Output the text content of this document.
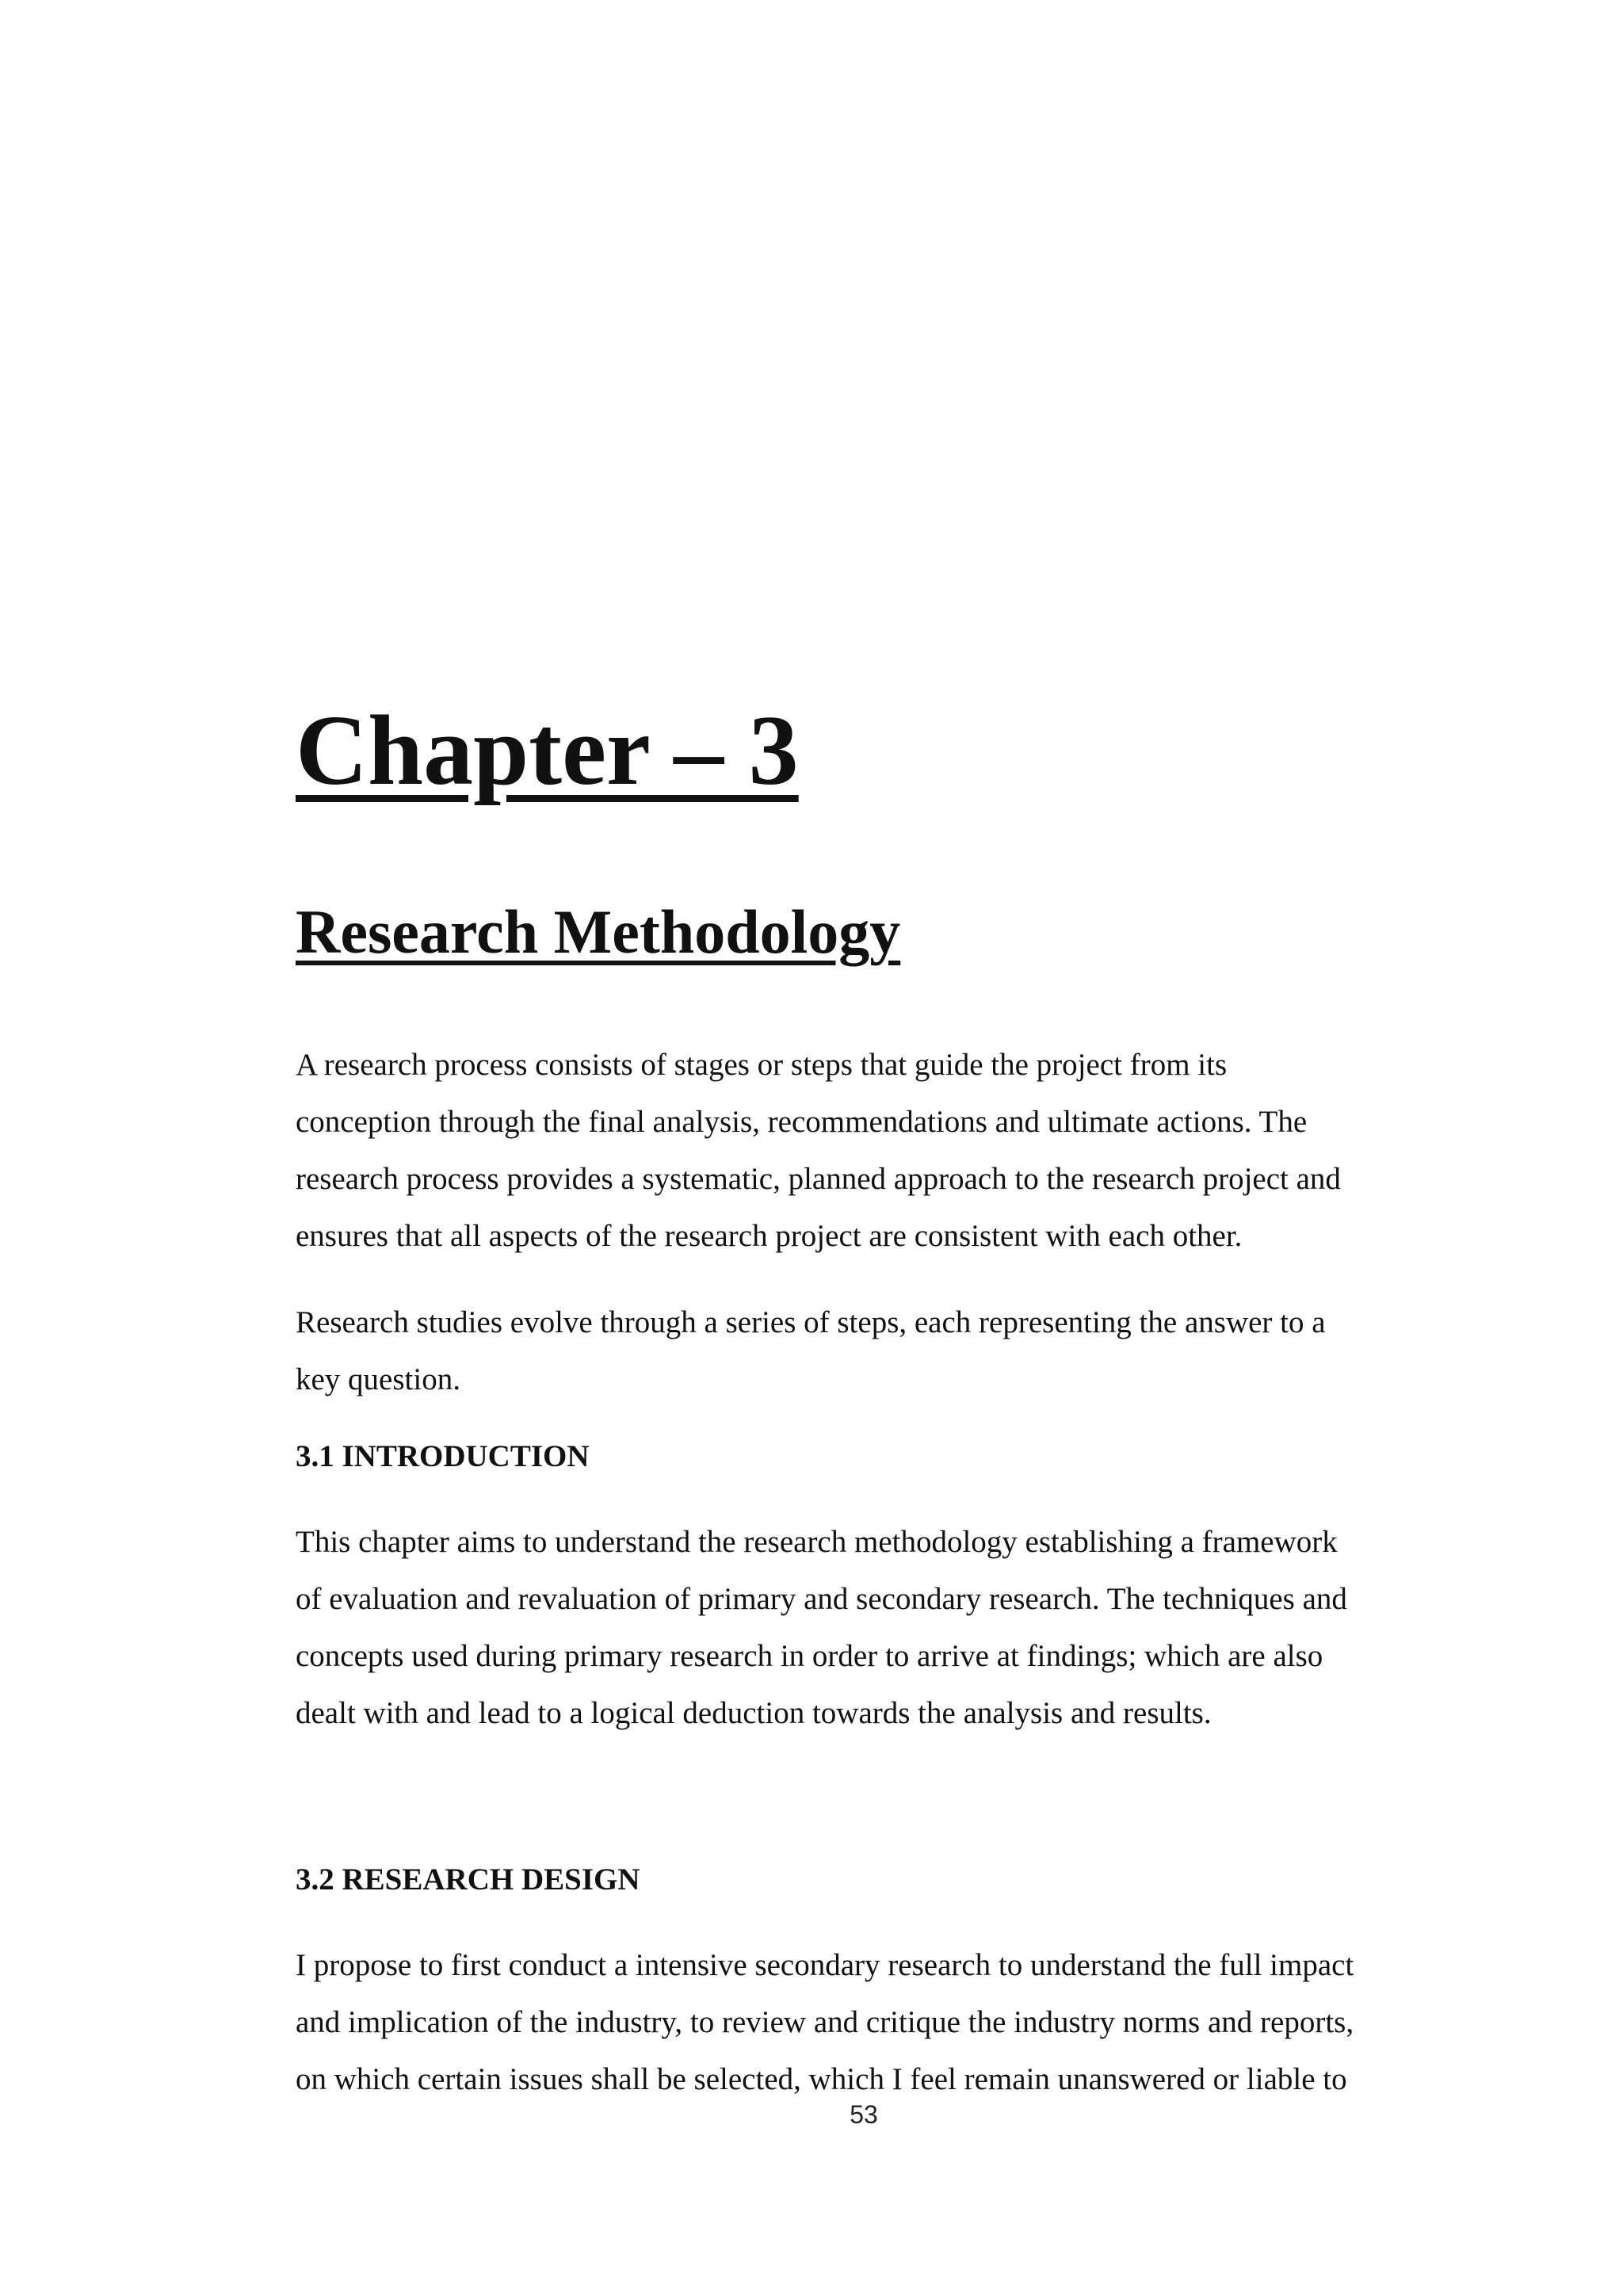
Chapter – 3
Research Methodology

A research process consists of stages or steps that guide the project from its
conception through the final analysis, recommendations and ultimate actions. The
research process provides a systematic, planned approach to the research project and
ensures that all aspects of the research project are consistent with each other.

Research studies evolve through a series of steps, each representing the answer to a
key question.

3.1 INTRODUCTION

This chapter aims to understand the research methodology establishing a framework
of evaluation and revaluation of primary and secondary research. The techniques and
concepts used during primary research in order to arrive at findings; which are also
dealt with and lead to a logical deduction towards the analysis and results.

3.2 RESEARCH DESIGN

I propose to first conduct a intensive secondary research to understand the full impact
and implication of the industry, to review and critique the industry norms and reports,
on which certain issues shall be selected, which I feel remain unanswered or liable to

53
